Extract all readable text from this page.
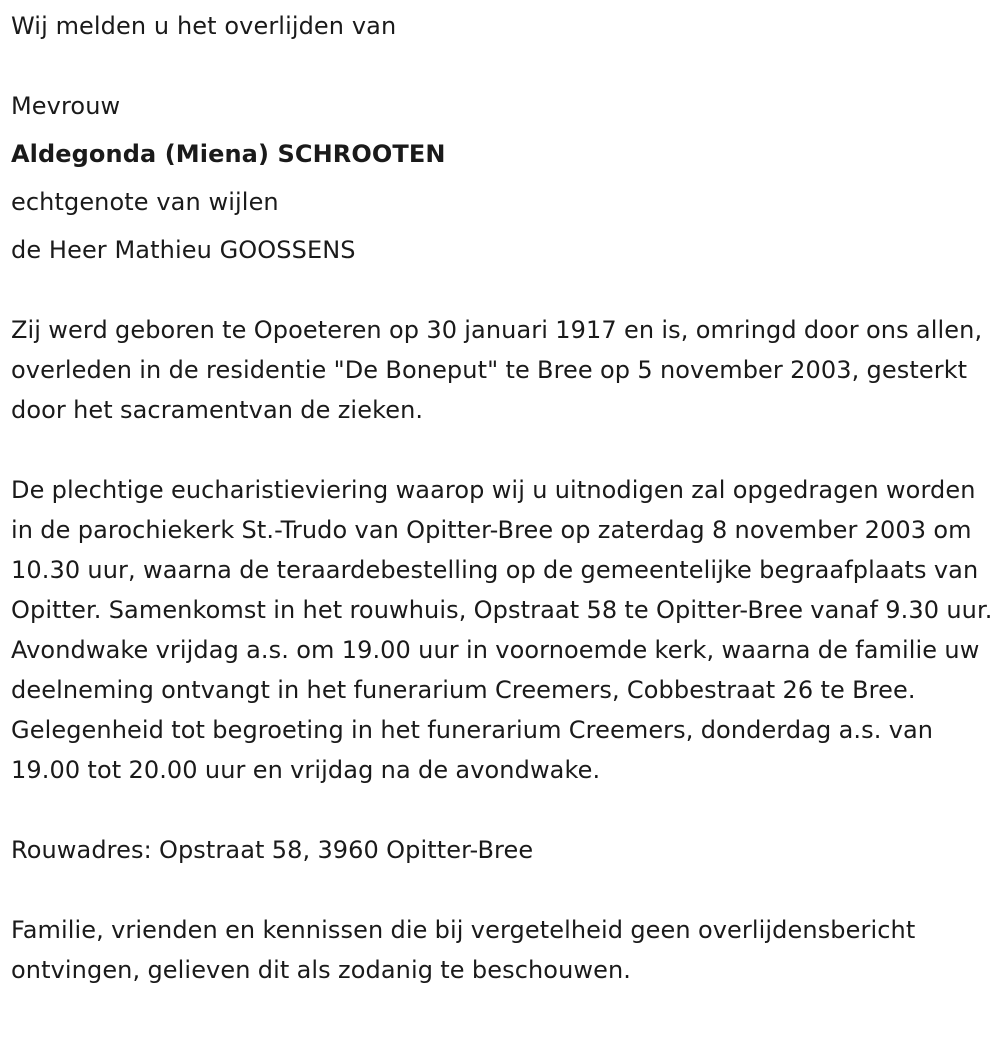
Wij melden u het overlijden van
Mevrouw
Aldegonda (Miena) SCHROOTEN
echtgenote van wijlen
de Heer Mathieu GOOSSENS
Zij werd geboren te Opoeteren op 30 januari 1917 en is, omringd door ons allen, overleden in de residentie "De Boneput" te Bree op 5 november 2003, gesterkt door het sacramentvan de zieken.
De plechtige eucharistieviering waarop wij u uitnodigen zal opgedragen worden in de parochiekerk St.-Trudo van Opitter-Bree op zaterdag 8 november 2003 om 10.30 uur, waarna de teraardebestelling op de gemeentelijke begraafplaats van Opitter. Samenkomst in het rouwhuis, Opstraat 58 te Opitter-Bree vanaf 9.30 uur. Avondwake vrijdag a.s. om 19.00 uur in voornoemde kerk, waarna de familie uw deelneming ontvangt in het funerarium Creemers, Cobbestraat 26 te Bree. Gelegenheid tot begroeting in het funerarium Creemers, donderdag a.s. van 19.00 tot 20.00 uur en vrijdag na de avondwake.
Rouwadres: Opstraat 58, 3960 Opitter-Bree
Familie, vrienden en kennissen die bij vergetelheid geen overlijdensbericht ontvingen, gelieven dit als zodanig te beschouwen.
